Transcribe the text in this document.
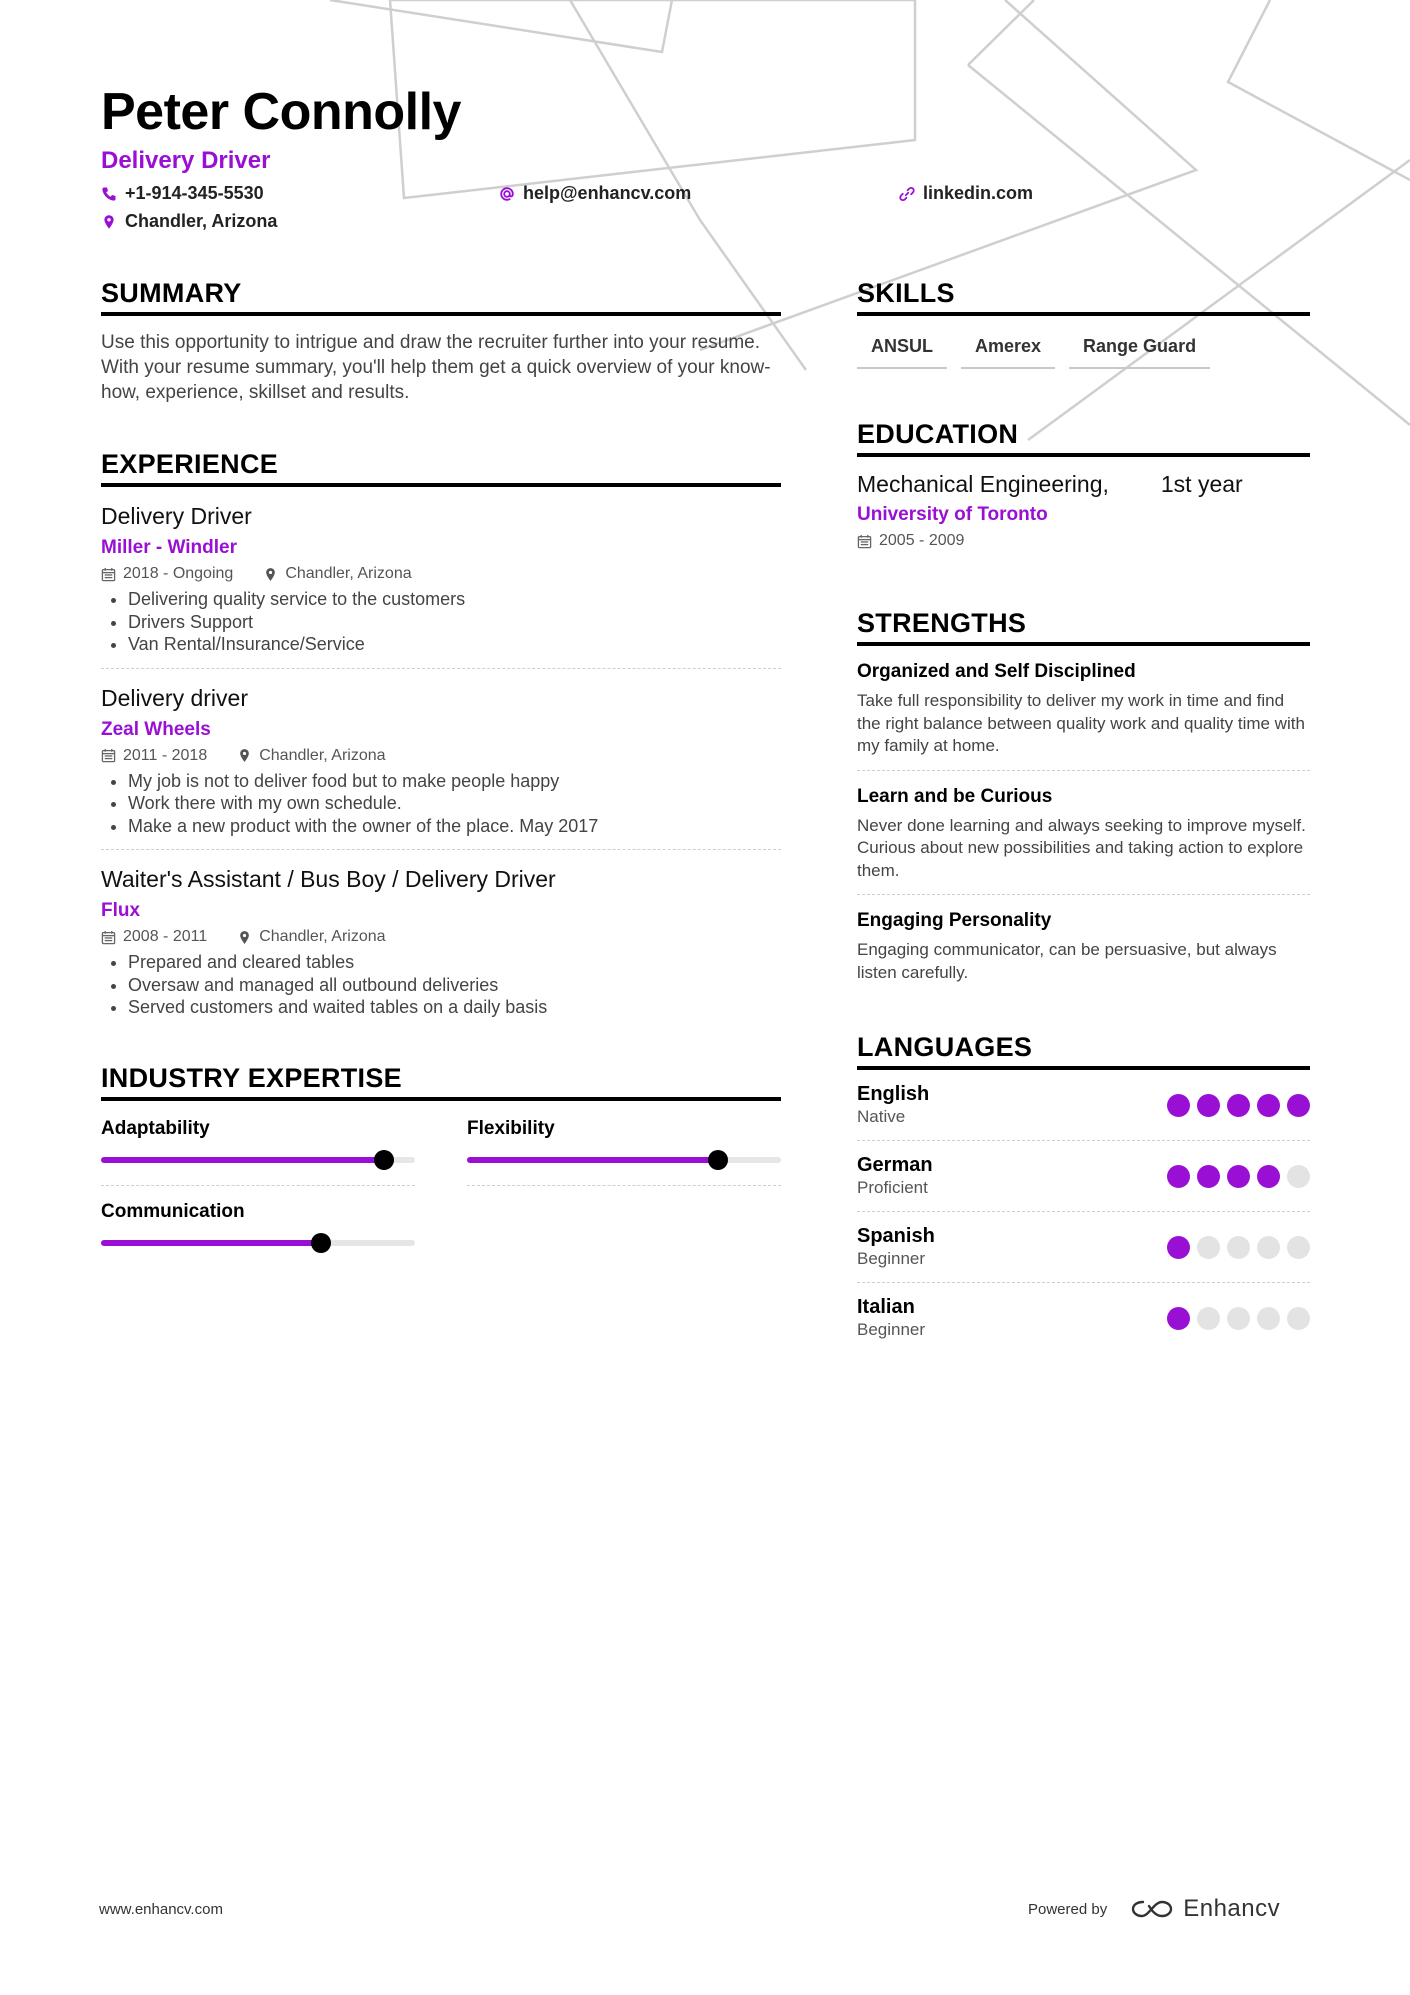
Peter Connolly
Delivery Driver
+1-914-345-5530	help@enhancv.com	linkedin.com
Chandler, Arizona
SUMMARY
Use this opportunity to intrigue and draw the recruiter further into your resume. With your resume summary, you'll help them get a quick overview of your know-how, experience, skillset and results.
EXPERIENCE
Delivery Driver
Miller - Windler
2018 - Ongoing	Chandler, Arizona
• Delivering quality service to the customers
• Drivers Support
• Van Rental/Insurance/Service
Delivery driver
Zeal Wheels
2011 - 2018	Chandler, Arizona
• My job is not to deliver food but to make people happy
• Work there with my own schedule.
• Make a new product with the owner of the place. May 2017
Waiter's Assistant / Bus Boy / Delivery Driver
Flux
2008 - 2011	Chandler, Arizona
• Prepared and cleared tables
• Oversaw and managed all outbound deliveries
• Served customers and waited tables on a daily basis
INDUSTRY EXPERTISE
Adaptability	Flexibility
Communication
SKILLS
ANSUL	Amerex	Range Guard
EDUCATION
Mechanical Engineering, 1st year
University of Toronto
2005 - 2009
STRENGTHS
Organized and Self Disciplined
Take full responsibility to deliver my work in time and find the right balance between quality work and quality time with my family at home.
Learn and be Curious
Never done learning and always seeking to improve myself. Curious about new possibilities and taking action to explore them.
Engaging Personality
Engaging communicator, can be persuasive, but always listen carefully.
LANGUAGES
English
Native
German
Proficient
Spanish
Beginner
Italian
Beginner
www.enhancv.com	Powered by	Enhancv
